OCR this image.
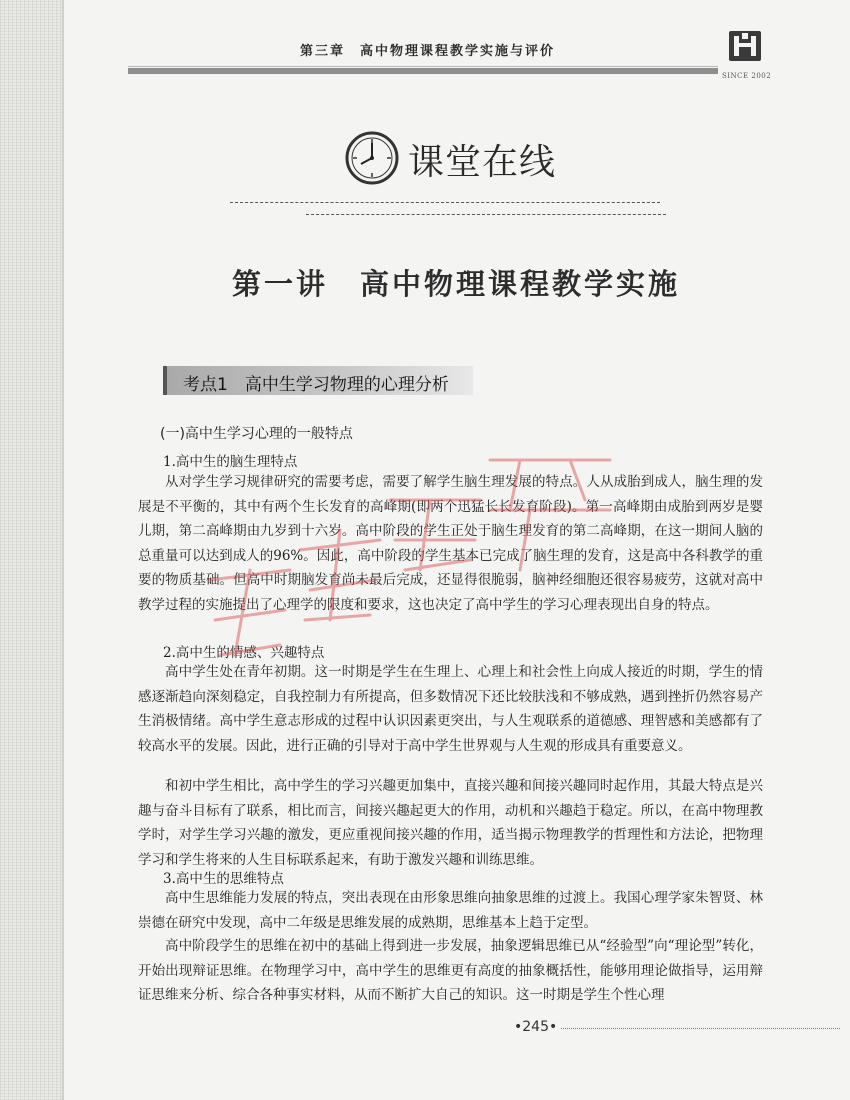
第三章　高中物理课程教学实施与评价
SINCE 2002
课堂在线
第一讲　高中物理课程教学实施
考点1　高中生学习物理的心理分析
(一)高中生学习心理的一般特点
1.高中生的脑生理特点

从对学生学习规律研究的需要考虑，需要了解学生脑生理发展的特点。人从成胎到成人，脑生理的发展是不平衡的，其中有两个生长发育的高峰期(即两个迅猛长长发育阶段)。第一高峰期由成胎到两岁是婴儿期，第二高峰期由九岁到十六岁。高中阶段的学生正处于脑生理发育的第二高峰期，在这一期间人脑的总重量可以达到成人的96%。因此，高中阶段的学生基本已完成了脑生理的发育，这是高中各科教学的重要的物质基础。但高中时期脑发育尚未最后完成，还显得很脆弱，脑神经细胞还很容易疲劳，这就对高中教学过程的实施提出了心理学的限度和要求，这也决定了高中学生的学习心理表现出自身的特点。

2.高中生的情感、兴趣特点

高中学生处在青年初期。这一时期是学生在生理上、心理上和社会性上向成人接近的时期，学生的情感逐渐趋向深刻稳定，自我控制力有所提高，但多数情况下还比较肤浅和不够成熟，遇到挫折仍然容易产生消极情绪。高中学生意志形成的过程中认识因素更突出，与人生观联系的道德感、理智感和美感都有了较高水平的发展。因此，进行正确的引导对于高中学生世界观与人生观的形成具有重要意义。

和初中学生相比，高中学生的学习兴趣更加集中，直接兴趣和间接兴趣同时起作用，其最大特点是兴趣与奋斗目标有了联系，相比而言，间接兴趣起更大的作用，动机和兴趣趋于稳定。所以，在高中物理教学时，对学生学习兴趣的激发，更应重视间接兴趣的作用，适当揭示物理教学的哲理性和方法论，把物理学习和学生将来的人生目标联系起来，有助于激发兴趣和训练思维。

3.高中生的思维特点

高中生思维能力发展的特点，突出表现在由形象思维向抽象思维的过渡上。我国心理学家朱智贤、林崇德在研究中发现，高中二年级是思维发展的成熟期，思维基本上趋于定型。

高中阶段学生的思维在初中的基础上得到进一步发展，抽象逻辑思维已从“经验型”向“理论型”转化，开始出现辩证思维。在物理学习中，高中学生的思维更有高度的抽象概括性，能够用理论做指导，运用辩证思维来分析、综合各种事实材料，从而不断扩大自己的知识。这一时期是学生个性心理

•245•
